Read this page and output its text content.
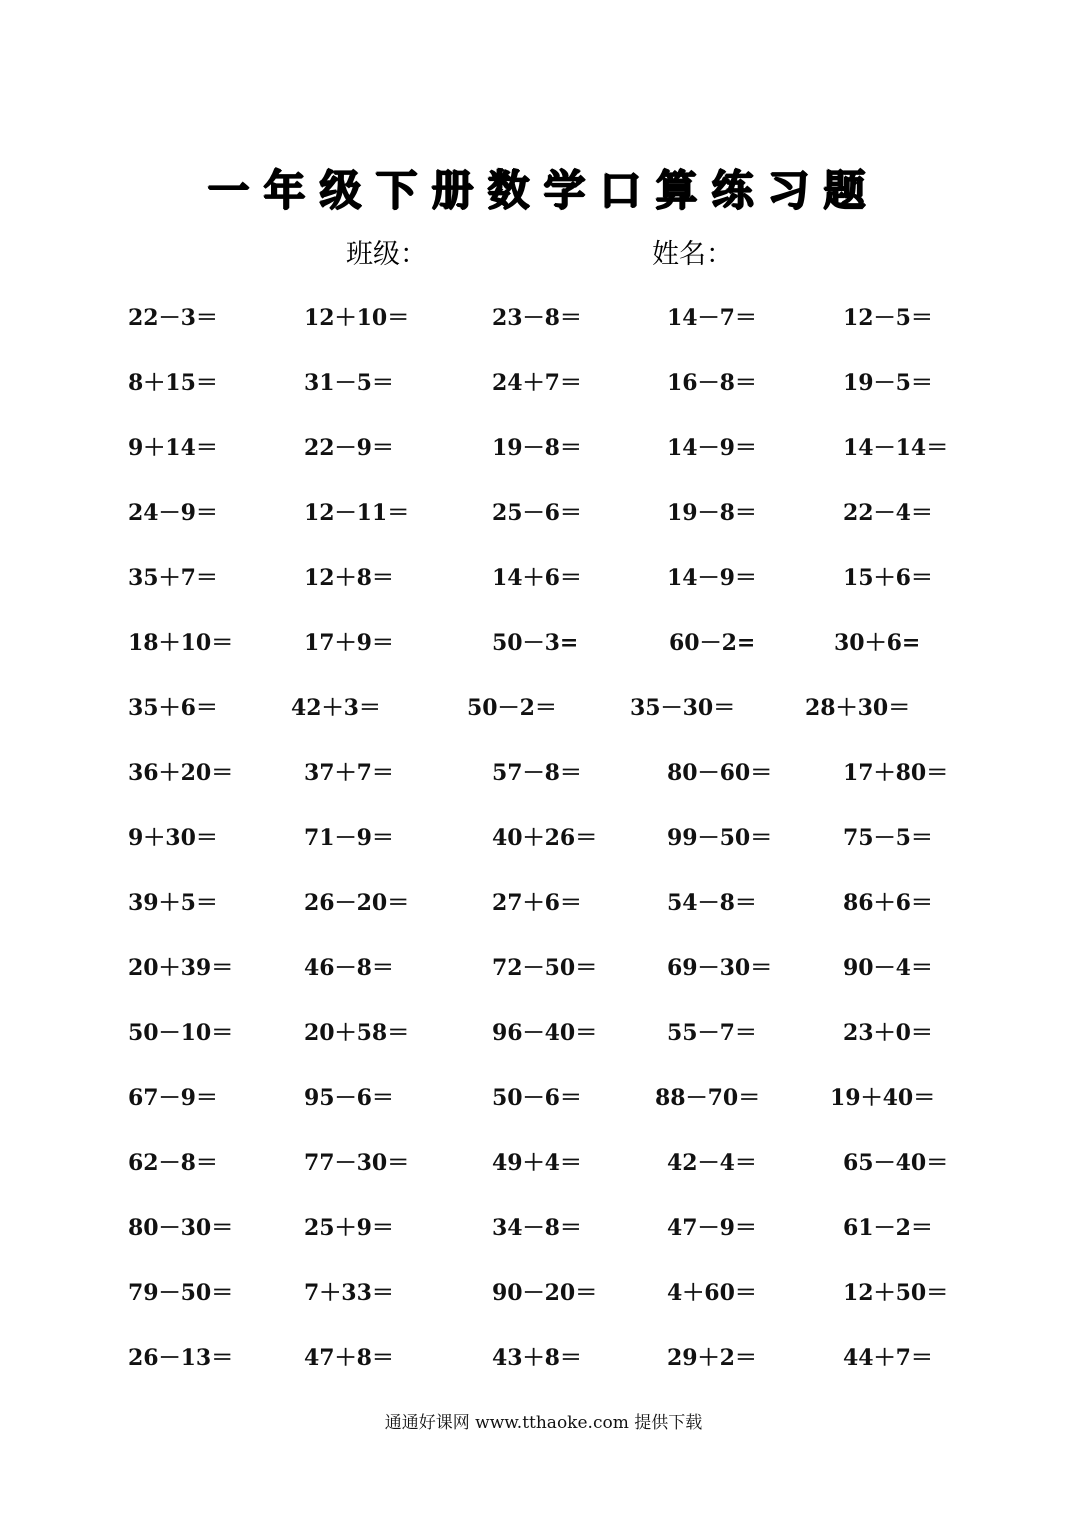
一年级下册数学口算练习题
班级：	姓名：
22－3＝	12＋10＝	23－8＝	14－7＝	12－5＝
8＋15＝	31－5＝	24＋7＝	16－8＝	19－5＝
9＋14＝	22－9＝	19－8＝	14－9＝	14－14＝
24－9＝	12－11＝	25－6＝	19－8＝	22－4＝
35＋7＝	12＋8＝	14＋6＝	14－9＝	15＋6＝
18＋10＝	17＋9＝	50－3=	60－2=	30＋6=
35＋6＝	42＋3＝	50－2＝	35－30＝	28＋30＝
36＋20＝	37＋7＝	57－8＝	80－60＝	17＋80＝
9＋30＝	71－9＝	40＋26＝	99－50＝	75－5＝
39＋5＝	26－20＝	27＋6＝	54－8＝	86＋6＝
20＋39＝	46－8＝	72－50＝	69－30＝	90－4＝
50－10＝	20＋58＝	96－40＝	55－7＝	23＋0＝
67－9＝	95－6＝	50－6＝	88－70＝	19＋40＝
62－8＝	77－30＝	49＋4＝	42－4＝	65－40＝
80－30＝	25＋9＝	34－8＝	47－9＝	61－2＝
79－50＝	7＋33＝	90－20＝	4＋60＝	12＋50＝
26－13＝	47＋8＝	43＋8＝	29＋2＝	44＋7＝
通通好课网 www.tthaoke.com 提供下载
